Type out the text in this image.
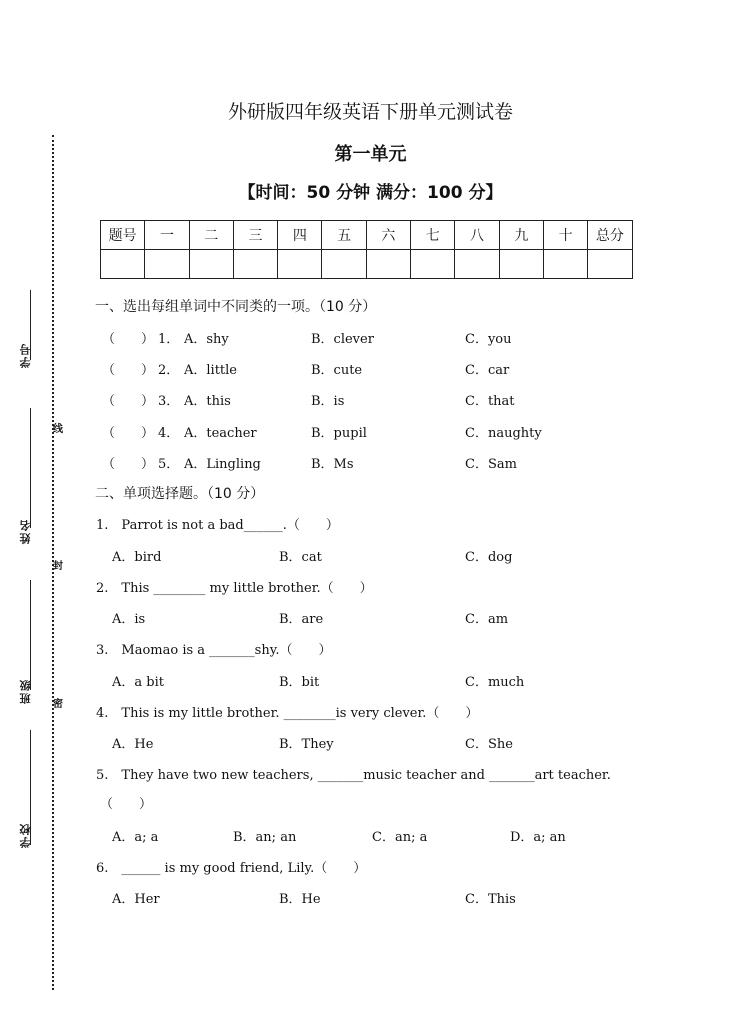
学号
姓名
班级
学校
线
封
密
外研版四年级英语下册单元测试卷
第一单元
【时间：50 分钟 满分：100 分】
题号	一	二	三	四	五	六	七	八	九	十	总分

一、选出每组单词中不同类的一项。（10 分）
（　　） 1． A．shy	B．clever	C．you
（　　） 2． A．little	B．cute	C．car
（　　） 3． A．this	B．is	C．that
（　　） 4． A．teacher	B．pupil	C．naughty
（　　） 5． A．Lingling	B．Ms	C．Sam
二、单项选择题。（10 分）
1.　Parrot is not a bad______.（　　）
A．bird	B．cat	C．dog
2.　This ________ my little brother.（　　）
A．is	B．are	C．am
3.　Maomao is a _______shy.（　　）
A．a bit	B．bit	C．much
4.　This is my little brother. ________is very clever.（　　）
A．He	B．They	C．She
5.　They have two new teachers, _______music teacher and _______art teacher.
（　　）
A．a; a	B．an; an	C．an; a	D．a; an
6.　______ is my good friend, Lily.（　　）
A．Her	B．He	C．This
